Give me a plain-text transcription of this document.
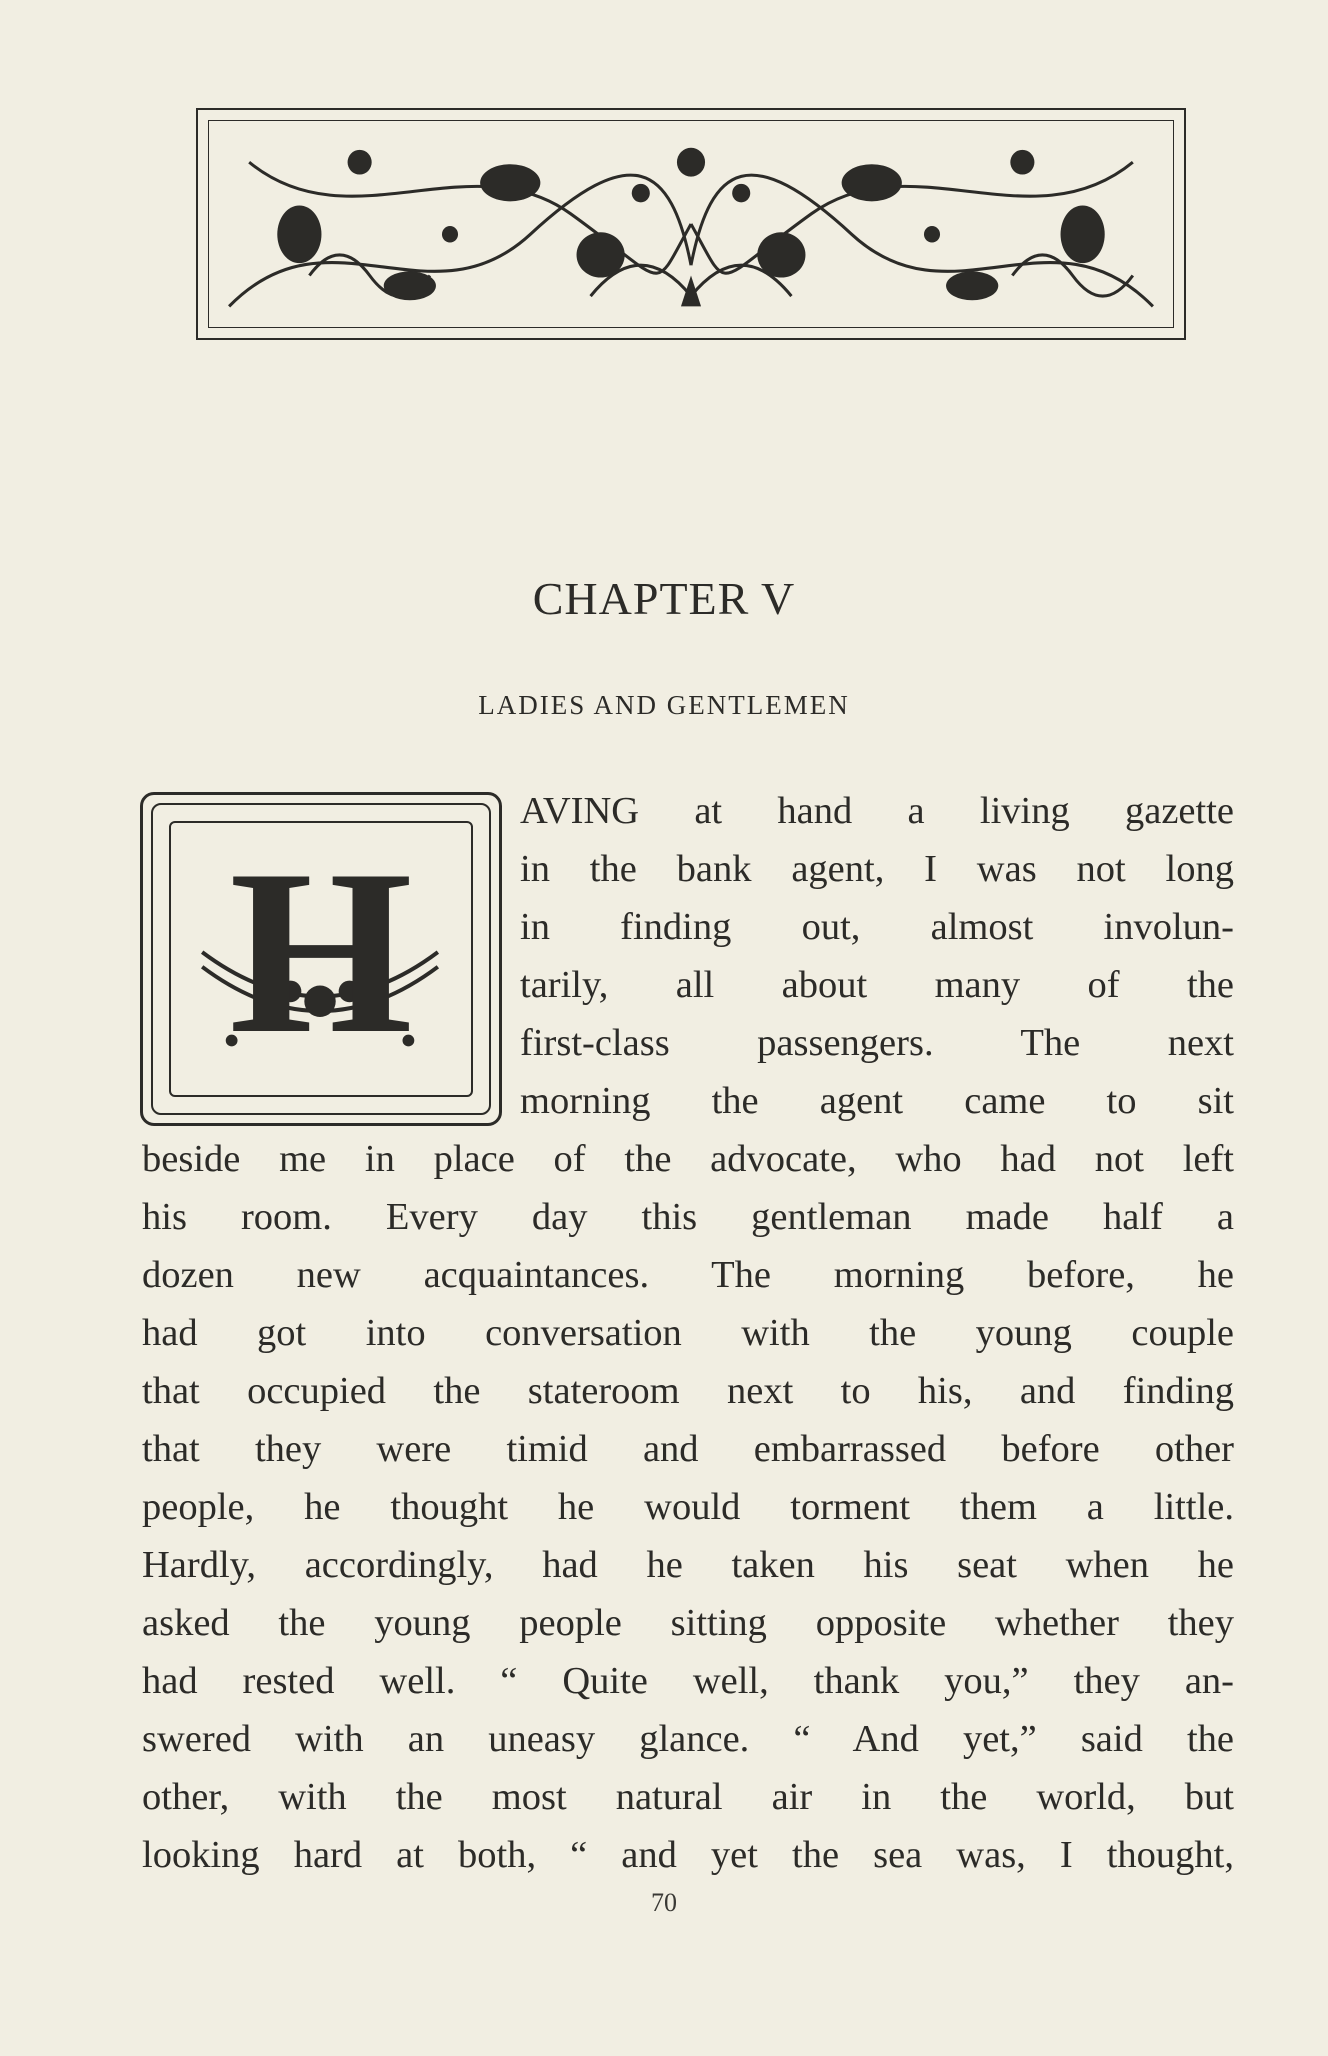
CHAPTER V
LADIES AND GENTLEMEN
H
AVING at hand a living gazette
in the bank agent, I was not long
in finding out, almost involun-
tarily, all about many of the
first-class passengers. The next
morning the agent came to sit
beside me in place of the advocate, who had not left
his room. Every day this gentleman made half a
dozen new acquaintances. The morning before, he
had got into conversation with the young couple
that occupied the stateroom next to his, and finding
that they were timid and embarrassed before other
people, he thought he would torment them a little.
Hardly, accordingly, had he taken his seat when he
asked the young people sitting opposite whether they
had rested well. “ Quite well, thank you,” they an-
swered with an uneasy glance. “ And yet,” said the
other, with the most natural air in the world, but
looking hard at both, “ and yet the sea was, I thought,
70
